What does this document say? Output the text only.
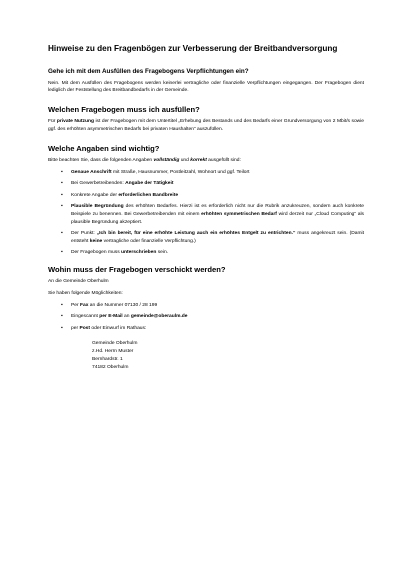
Hinweise zu den Fragenbögen zur Verbesserung der Breitbandversorgung
Gehe ich mit dem Ausfüllen des Fragebogens Verpflichtungen ein?
Nein. Mit dem Ausfüllen des Fragebogens werden keinerlei vertragliche oder finanzielle Verpflichtungen eingegangen. Der Fragebogen dient lediglich der Feststellung des Breitbandbedarfs in der Gemeinde.
Welchen Fragebogen muss ich ausfüllen?
Für private Nutzung ist der Fragebogen mit dem Untertitel „Erhebung des Bestands und des Bedarfs einer Grundversorgung von 2 Mbit/s sowie ggf. des erhöhten asymmetrischen Bedarfs bei privaten Haushalten“ auszufüllen.
Welche Angaben sind wichtig?
Bitte beachten Sie, dass die folgenden Angaben vollständig und korrekt ausgefüllt sind:
▪ Genaue Anschrift mit Straße, Hausnummer, Postleitzahl, Wohnort und ggf. Teilort
▪ Bei Gewerbetreibenden: Angabe der Tätigkeit
▪ Konkrete Angabe der erforderlichen Bandbreite
▪ Plausible Begründung des erhöhten Bedarfes. Hierzi ist es erforderlich nicht nur die Rubrik anzukreuzen, sondern auch konkrete Beispiele zu benennen. Bei Gewerbetreibenden mit einem erhöhten symmetrischen Bedarf wird derzeit nur „Cloud Computing“ als plausible Begründung akzeptiert.
▪ Der Punkt: „Ich bin bereit, für eine erhöhte Leistung auch ein erhöhtes Entgelt zu entrichten.“ muss angekreuzt sein. (Damit entsteht keine vertragliche oder finanzielle Verpflichtung.)
▪ Der Fragebogen muss unterschrieben sein.
Wohin muss der Fragebogen verschickt werden?
An die Gemeinde Oberhulm
Sie haben folgende Möglichkeiten:
▪ Per Fax an die Nummer 07130 / 28 199
▪ Eingescannt per E-Mail an gemeinde@oberaulm.de
▪ per Post oder Einwurf im Rathaus:
Gemeinde Oberhulm
z.Hd. Herrn Muster
Bernhardstr. 1
74182 Oberhulm
